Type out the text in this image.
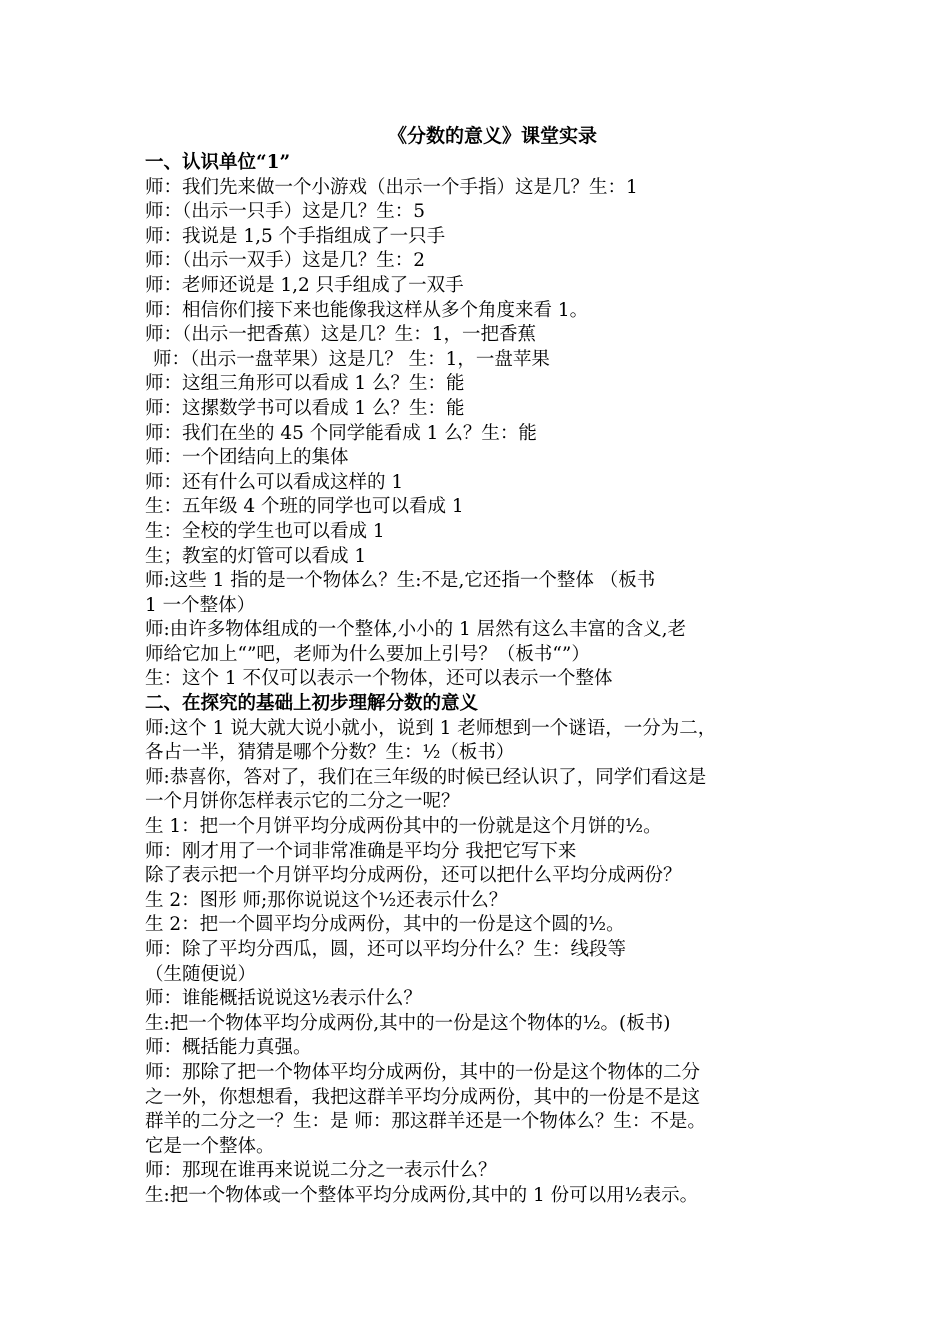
《分数的意义》课堂实录
一、认识单位“1”
师：我们先来做一个小游戏（出示一个手指）这是几？生：1
师：（出示一只手）这是几？生：5
师：我说是 1,5 个手指组成了一只手
师：（出示一双手）这是几？生：2
师：老师还说是 1,2 只手组成了一双手
师：相信你们接下来也能像我这样从多个角度来看 1。
师：（出示一把香蕉）这是几？生：1，一把香蕉
师：（出示一盘苹果）这是几？ 生：1，一盘苹果
师：这组三角形可以看成 1 么？生：能
师：这摞数学书可以看成 1 么？生：能
师：我们在坐的 45 个同学能看成 1 么？生：能
师：一个团结向上的集体
师：还有什么可以看成这样的 1
生：五年级 4 个班的同学也可以看成 1
生：全校的学生也可以看成 1
生；教室的灯管可以看成 1
师:这些 1 指的是一个物体么？生:不是,它还指一个整体 （板书
1 一个整体）
师:由许多物体组成的一个整体,小小的 1 居然有这么丰富的含义,老
师给它加上“”吧，老师为什么要加上引号？（板书“”）
生：这个 1 不仅可以表示一个物体，还可以表示一个整体
二、在探究的基础上初步理解分数的意义
师:这个 1 说大就大说小就小，说到 1 老师想到一个谜语，一分为二，
各占一半，猜猜是哪个分数？生：½（板书）
师:恭喜你，答对了，我们在三年级的时候已经认识了，同学们看这是
一个月饼你怎样表示它的二分之一呢？
生 1：把一个月饼平均分成两份其中的一份就是这个月饼的½。
师：刚才用了一个词非常准确是平均分 我把它写下来
除了表示把一个月饼平均分成两份，还可以把什么平均分成两份？
生 2：图形 师;那你说说这个½还表示什么？
生 2：把一个圆平均分成两份，其中的一份是这个圆的½。
师：除了平均分西瓜，圆，还可以平均分什么？生：线段等
（生随便说）
师：谁能概括说说这½表示什么？
生:把一个物体平均分成两份,其中的一份是这个物体的½。(板书)
师：概括能力真强。
师：那除了把一个物体平均分成两份，其中的一份是这个物体的二分
之一外，你想想看，我把这群羊平均分成两份，其中的一份是不是这
群羊的二分之一？生：是 师：那这群羊还是一个物体么？生：不是。
它是一个整体。
师：那现在谁再来说说二分之一表示什么？
生:把一个物体或一个整体平均分成两份,其中的 1 份可以用½表示。
